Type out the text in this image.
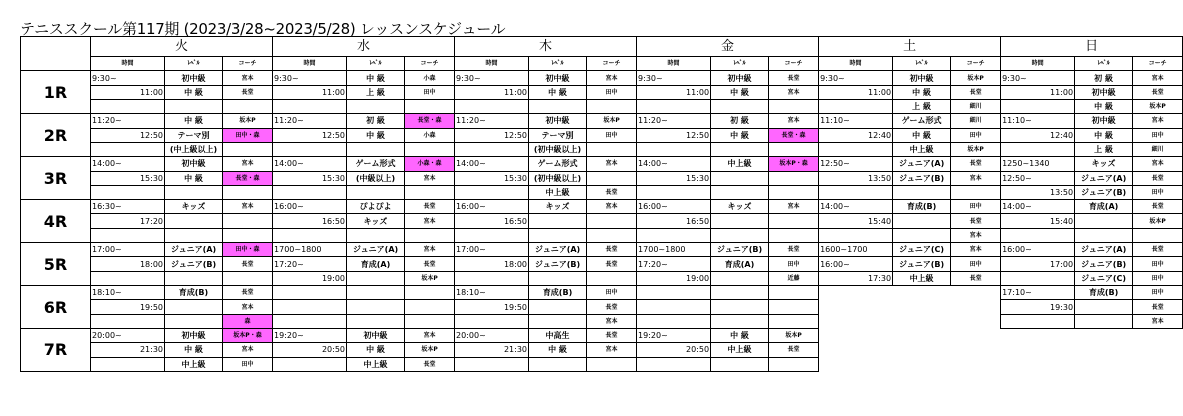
テニススクール第117期 (2023/3/28~2023/5/28) レッスンスケジュール
	火				水				木				金				土				日			
	時間		ﾚﾍﾞﾙ	コーチ	時間		ﾚﾍﾞﾙ	コーチ	時間		ﾚﾍﾞﾙ	コーチ	時間		ﾚﾍﾞﾙ	コーチ	時間		ﾚﾍﾞﾙ	コーチ	時間		ﾚﾍﾞﾙ	コーチ
1R	9:30~		初中級	宮本	9:30~		中 級	小森	9:30~		初中級	宮本	9:30~		初中級	長堂	9:30~		初中級	坂本P	9:30~		初 級	宮本
		11:00	中 級	長堂		11:00	上 級	田中		11:00	中 級	田中		11:00	中 級	宮本		11:00	中 級	長堂		11:00	初中級	長堂
																			上 級	細川			中 級	坂本P
2R	11:20~		中 級	坂本P	11:20~		初 級	長堂・森	11:20~		初中級	坂本P	11:20~		初 級	宮本	11:10~		ゲーム形式	細川	11:10~		初中級	宮本
		12:50	テーマ別	田中・森		12:50	中 級	小森		12:50	テーマ別	田中		12:50	中 級	長堂・森		12:40	中 級	田中		12:40	中 級	田中
			(中上級以上)								(初中級以上)								中上級	坂本P			上 級	細川
3R	14:00~		初中級	宮本	14:00~		ゲーム形式	小森・森	14:00~		ゲーム形式	宮本	14:00~		中上級	坂本P・森	12:50~		ジュニア(A)	長堂	1250~1340		キッズ	宮本
		15:30	中 級	長堂・森		15:30	(中級以上)	宮本		15:30	(初中級以上)			15:30				13:50	ジュニア(B)	宮本	12:50~		ジュニア(A)	長堂
											中上級	長堂										13:50	ジュニア(B)	田中
4R	16:30~		キッズ	宮本	16:00~		ぴよぴよ	長堂	16:00~		キッズ	宮本	16:00~		キッズ	宮本	14:00~		育成(B)	田中	14:00~		育成(A)	長堂
		17:20				16:50	キッズ	宮本		16:50				16:50				15:40		長堂		15:40		坂本P
																				宮本				
5R	17:00~		ジュニア(A)	田中・森	1700~1800		ジュニア(A)	宮本	17:00~		ジュニア(A)	長堂	1700~1800		ジュニア(B)	長堂	1600~1700		ジュニア(C)	宮本	16:00~		ジュニア(A)	長堂
		18:00	ジュニア(B)	長堂	17:20~		育成(A)	長堂		18:00	ジュニア(B)	長堂	17:20~		育成(A)	田中	16:00~		ジュニア(B)	田中		17:00	ジュニア(B)	田中
						19:00		坂本P						19:00		近藤		17:30	中上級	長堂			ジュニア(C)	田中
6R	18:10~		育成(B)	長堂					18:10~		育成(B)	田中									17:10~		育成(B)	田中
		19:50		宮本						19:50		長堂										19:30		長堂
				森								宮本												宮本
7R	20:00~		初中級	坂本P・森	19:20~		初中級	宮本	20:00~		中高生	長堂	19:20~		中 級	坂本P								
		21:30	中 級	宮本		20:50	中 級	坂本P		21:30	中 級	宮本		20:50	中上級	長堂								
			中上級	田中			中上級	長堂																
